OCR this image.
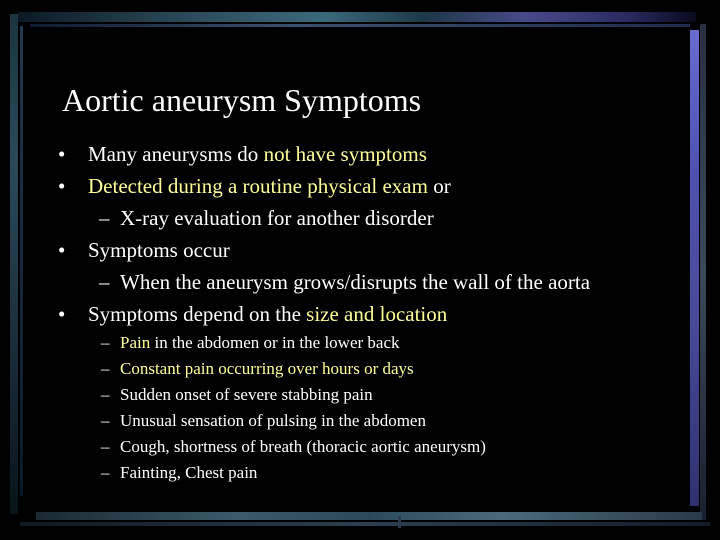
Aortic aneurysm Symptoms
• Many aneurysms do not have symptoms
• Detected during a routine physical exam or
– X-ray evaluation for another disorder
• Symptoms occur
– When the aneurysm grows/disrupts the wall of the aorta
• Symptoms depend on the size and location
– Pain in the abdomen or in the lower back
– Constant pain occurring over hours or days
– Sudden onset of severe stabbing pain
– Unusual sensation of pulsing in the abdomen
– Cough, shortness of breath (thoracic aortic aneurysm)
– Fainting, Chest pain
